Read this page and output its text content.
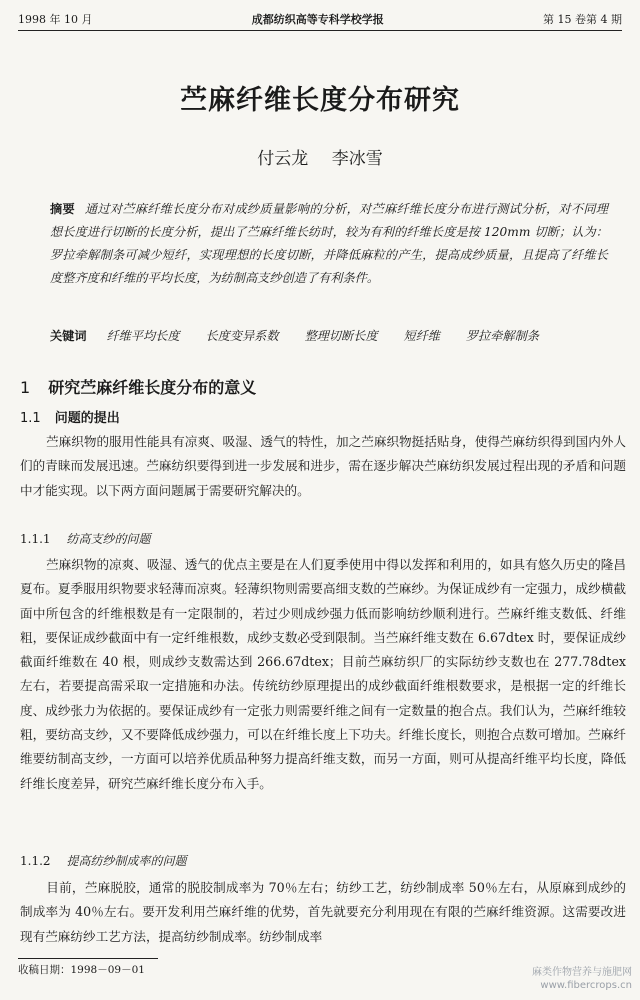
1998 年 10 月	成都纺织高等专科学校学报	第 15 卷第 4 期
苎麻纤维长度分布研究
付云龙 李冰雪
摘要 通过对苎麻纤维长度分布对成纱质量影响的分析，对苎麻纤维长度分布进行测试分析，对不同理想长度进行切断的长度分析，提出了苎麻纤维长纺时，较为有利的纤维长度是按 120mm 切断；认为：罗拉牵解制条可减少短纤，实现理想的长度切断，并降低麻粒的产生，提高成纱质量，且提高了纤维长度整齐度和纤维的平均长度，为纺制高支纱创造了有利条件。
关键词 纤维平均长度 长度变异系数 整理切断长度 短纤维 罗拉牵解制条
1 研究苎麻纤维长度分布的意义
1.1 问题的提出
苎麻织物的服用性能具有凉爽、吸湿、透气的特性，加之苎麻织物挺括贴身，使得苎麻纺织得到国内外人们的青睐而发展迅速。苎麻纺织要得到进一步发展和进步，需在逐步解决苎麻纺织发展过程出现的矛盾和问题中才能实现。以下两方面问题属于需要研究解决的。
1.1.1 纺高支纱的问题
苎麻织物的凉爽、吸湿、透气的优点主要是在人们夏季使用中得以发挥和利用的，如具有悠久历史的隆昌夏布。夏季服用织物要求轻薄而凉爽。轻薄织物则需要高细支数的苎麻纱。为保证成纱有一定强力，成纱横截面中所包含的纤维根数是有一定限制的，若过少则成纱强力低而影响纺纱顺利进行。苎麻纤维支数低、纤维粗，要保证成纱截面中有一定纤维根数，成纱支数必受到限制。当苎麻纤维支数在 6.67dtex 时，要保证成纱截面纤维数在 40 根，则成纱支数需达到 266.67dtex；目前苎麻纺织厂的实际纺纱支数也在 277.78dtex 左右，若要提高需采取一定措施和办法。传统纺纱原理提出的成纱截面纤维根数要求，是根据一定的纤维长度、成纱张力为依据的。要保证成纱有一定张力则需要纤维之间有一定数量的抱合点。我们认为，苎麻纤维较粗，要纺高支纱，又不要降低成纱强力，可以在纤维长度上下功夫。纤维长度长，则抱合点数可增加。苎麻纤维要纺制高支纱，一方面可以培养优质品种努力提高纤维支数，而另一方面，则可从提高纤维平均长度，降低纤维长度差异，研究苎麻纤维长度分布入手。
1.1.2 提高纺纱制成率的问题
目前，苎麻脱胶，通常的脱胶制成率为 70％左右；纺纱工艺，纺纱制成率 50％左右，从原麻到成纱的制成率为 40％左右。要开发利用苎麻纤维的优势，首先就要充分利用现在有限的苎麻纤维资源。这需要改进现有苎麻纺纱工艺方法，提高纺纱制成率。纺纱制成率
收稿日期：1998－09－01	麻类作物营养与施肥网
www.fibercrops.cn
